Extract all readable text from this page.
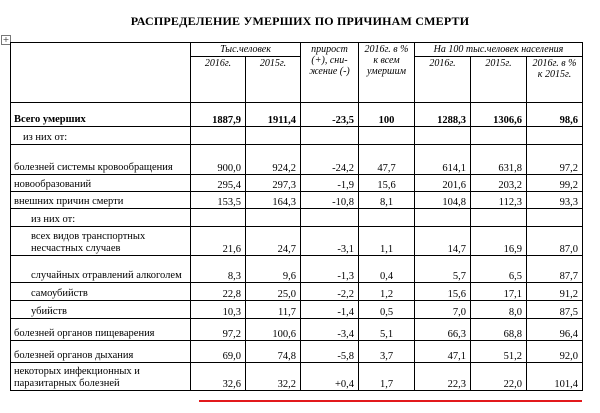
РАСПРЕДЕЛЕНИЕ УМЕРШИХ ПО ПРИЧИНАМ СМЕРТИ
+
	Тыс.человек		прирост (+), сни-жение (-)	2016г. в % к всем умершим	На 100 тыс.человек населения		
	2016г.	2015г.			2016г.	2015г.	2016г. в % к 2015г.
Всего умерших	1887,9	1911,4	-23,5	100	1288,3	1306,6	98,6
из них от:							
болезней системы кровообращения	900,0	924,2	-24,2	47,7	614,1	631,8	97,2
новообразований	295,4	297,3	-1,9	15,6	201,6	203,2	99,2
внешних причин смерти	153,5	164,3	-10,8	8,1	104,8	112,3	93,3
из них от:							
всех видов транспортных несчастных случаев	21,6	24,7	-3,1	1,1	14,7	16,9	87,0
случайных отравлений алкоголем	8,3	9,6	-1,3	0,4	5,7	6,5	87,7
самоубийств	22,8	25,0	-2,2	1,2	15,6	17,1	91,2
убийств	10,3	11,7	-1,4	0,5	7,0	8,0	87,5
болезней органов пищеварения	97,2	100,6	-3,4	5,1	66,3	68,8	96,4
болезней органов дыхания	69,0	74,8	-5,8	3,7	47,1	51,2	92,0
некоторых инфекционных и паразитарных болезней	32,6	32,2	+0,4	1,7	22,3	22,0	101,4
